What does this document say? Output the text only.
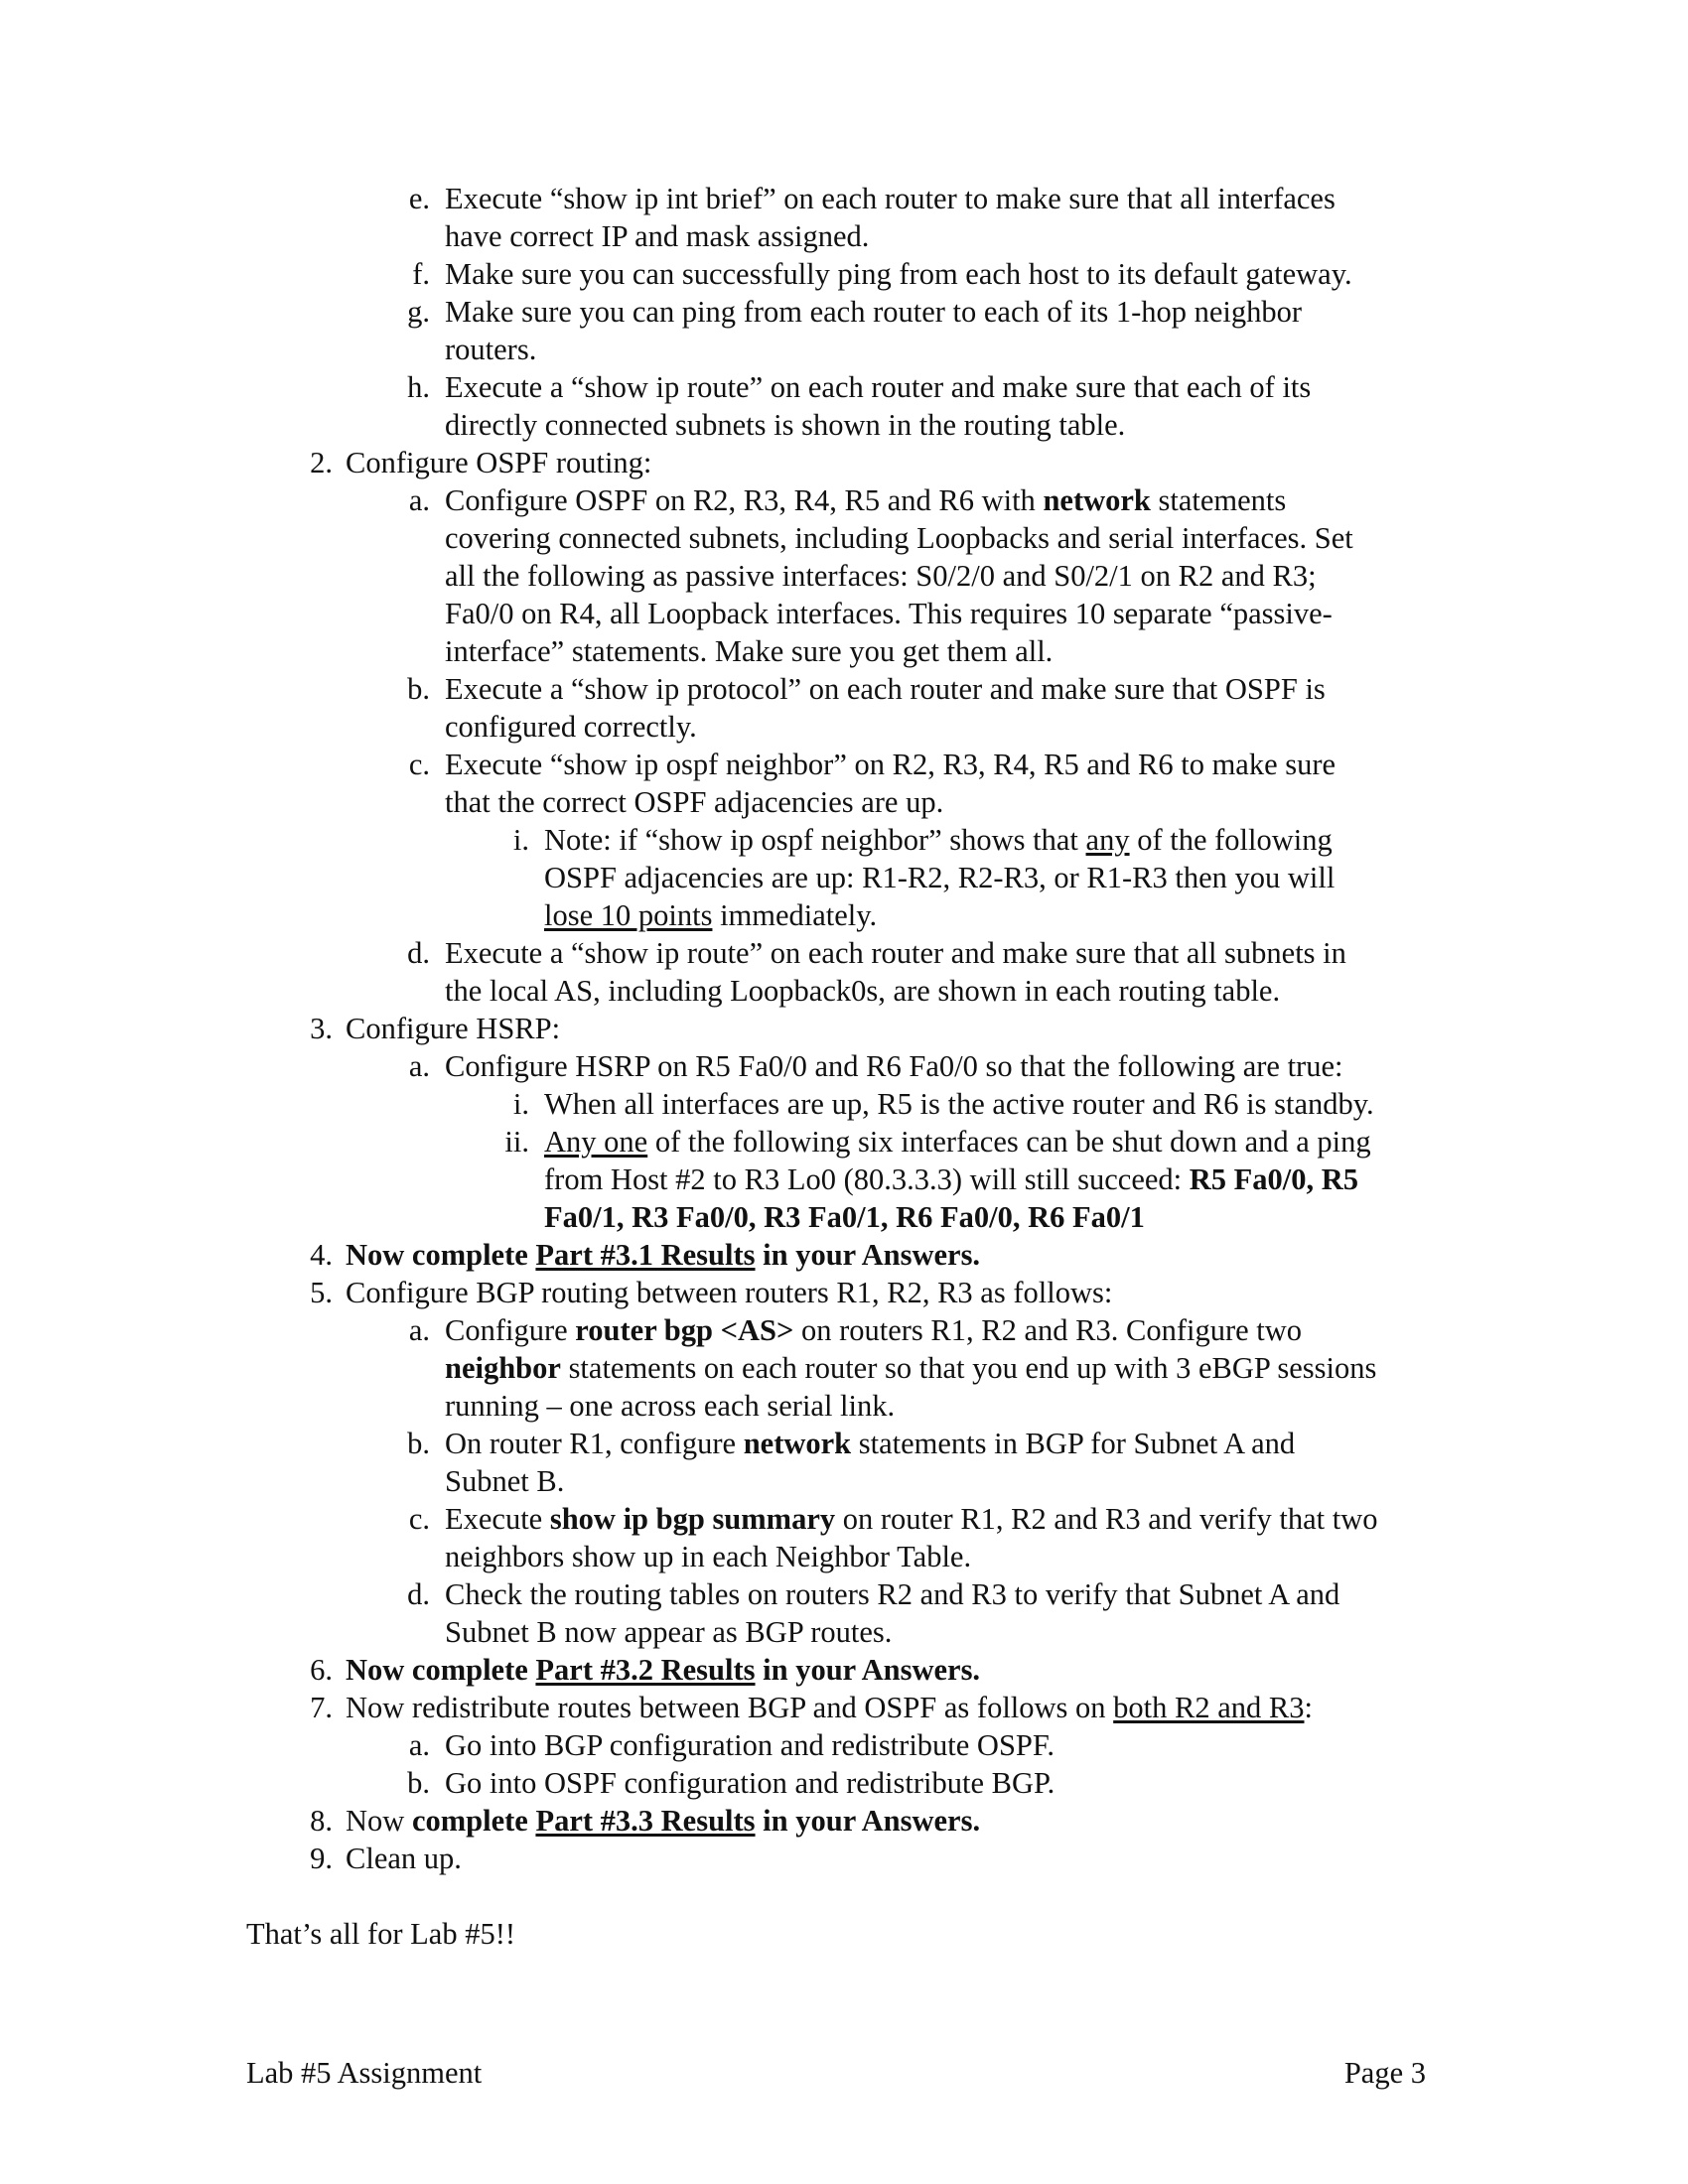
e. Execute “show ip int brief” on each router to make sure that all interfaces
have correct IP and mask assigned.
f. Make sure you can successfully ping from each host to its default gateway.
g. Make sure you can ping from each router to each of its 1-hop neighbor
routers.
h. Execute a “show ip route” on each router and make sure that each of its
directly connected subnets is shown in the routing table.
2. Configure OSPF routing:
a. Configure OSPF on R2, R3, R4, R5 and R6 with network statements
covering connected subnets, including Loopbacks and serial interfaces. Set
all the following as passive interfaces: S0/2/0 and S0/2/1 on R2 and R3;
Fa0/0 on R4, all Loopback interfaces. This requires 10 separate “passive-
interface” statements. Make sure you get them all.
b. Execute a “show ip protocol” on each router and make sure that OSPF is
configured correctly.
c. Execute “show ip ospf neighbor” on R2, R3, R4, R5 and R6 to make sure
that the correct OSPF adjacencies are up.
i. Note: if “show ip ospf neighbor” shows that any of the following
OSPF adjacencies are up: R1-R2, R2-R3, or R1-R3 then you will
lose 10 points immediately.
d. Execute a “show ip route” on each router and make sure that all subnets in
the local AS, including Loopback0s, are shown in each routing table.
3. Configure HSRP:
a. Configure HSRP on R5 Fa0/0 and R6 Fa0/0 so that the following are true:
i. When all interfaces are up, R5 is the active router and R6 is standby.
ii. Any one of the following six interfaces can be shut down and a ping
from Host #2 to R3 Lo0 (80.3.3.3) will still succeed: R5 Fa0/0, R5
Fa0/1, R3 Fa0/0, R3 Fa0/1, R6 Fa0/0, R6 Fa0/1
4. Now complete Part #3.1 Results in your Answers.
5. Configure BGP routing between routers R1, R2, R3 as follows:
a. Configure router bgp <AS> on routers R1, R2 and R3. Configure two
neighbor statements on each router so that you end up with 3 eBGP sessions
running – one across each serial link.
b. On router R1, configure network statements in BGP for Subnet A and
Subnet B.
c. Execute show ip bgp summary on router R1, R2 and R3 and verify that two
neighbors show up in each Neighbor Table.
d. Check the routing tables on routers R2 and R3 to verify that Subnet A and
Subnet B now appear as BGP routes.
6. Now complete Part #3.2 Results in your Answers.
7. Now redistribute routes between BGP and OSPF as follows on both R2 and R3:
a. Go into BGP configuration and redistribute OSPF.
b. Go into OSPF configuration and redistribute BGP.
8. Now complete Part #3.3 Results in your Answers.
9. Clean up.
That’s all for Lab #5!!
Lab #5 Assignment	Page 3
